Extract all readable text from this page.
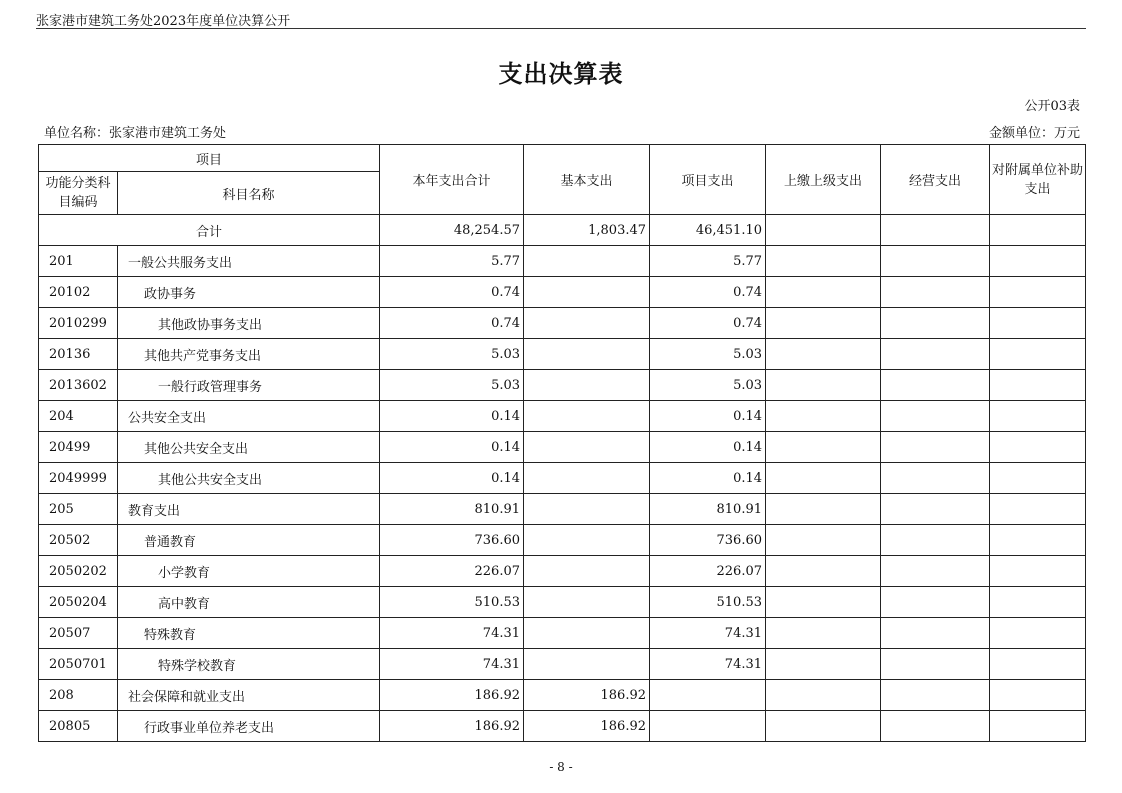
张家港市建筑工务处2023年度单位决算公开
支出决算表
公开03表
单位名称：张家港市建筑工务处	金额单位：万元
项目		本年支出合计	基本支出	项目支出	上缴上级支出	经营支出	对附属单位补助支出
功能分类科目编码	科目名称						
合计		48,254.57	1,803.47	46,451.10			
201	一般公共服务支出	5.77		5.77			
20102	政协事务	0.74		0.74			
2010299	其他政协事务支出	0.74		0.74			
20136	其他共产党事务支出	5.03		5.03			
2013602	一般行政管理事务	5.03		5.03			
204	公共安全支出	0.14		0.14			
20499	其他公共安全支出	0.14		0.14			
2049999	其他公共安全支出	0.14		0.14			
205	教育支出	810.91		810.91			
20502	普通教育	736.60		736.60			
2050202	小学教育	226.07		226.07			
2050204	高中教育	510.53		510.53			
20507	特殊教育	74.31		74.31			
2050701	特殊学校教育	74.31		74.31			
208	社会保障和就业支出	186.92	186.92				
20805	行政事业单位养老支出	186.92	186.92				
- 8 -
